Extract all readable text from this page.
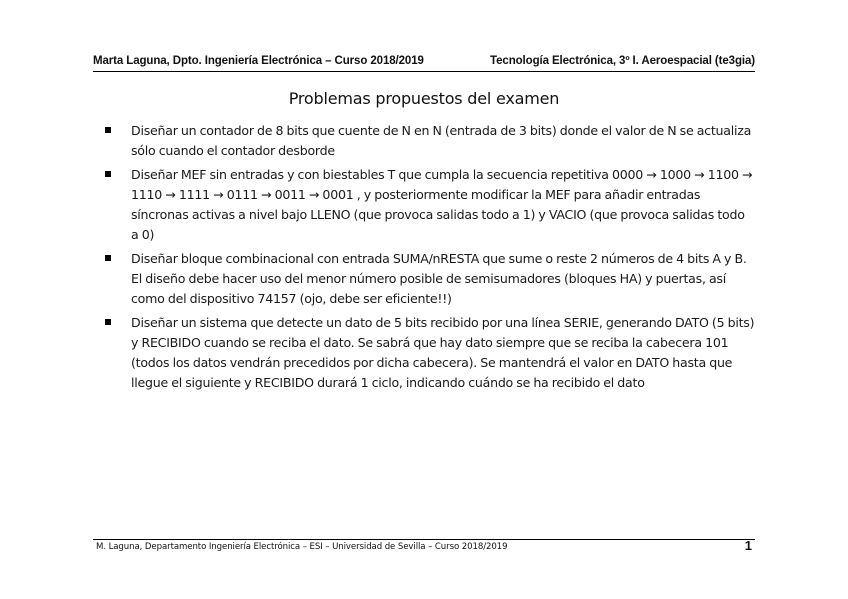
Marta Laguna, Dpto. Ingeniería Electrónica – Curso 2018/2019	Tecnología Electrónica, 3º I. Aeroespacial (te3gia)
Problemas propuestos del examen
Diseñar un contador de 8 bits que cuente de N en N (entrada de 3 bits) donde el valor de N se actualiza sólo cuando el contador desborde
Diseñar MEF sin entradas y con biestables T que cumpla la secuencia repetitiva 0000 → 1000 → 1100 → 1110 → 1111 → 0111 → 0011 → 0001 , y posteriormente modificar la MEF para añadir entradas síncronas activas a nivel bajo LLENO (que provoca salidas todo a 1) y VACIO (que provoca salidas todo a 0)
Diseñar bloque combinacional con entrada SUMA/nRESTA que sume o reste 2 números de 4 bits A y B. El diseño debe hacer uso del menor número posible de semisumadores (bloques HA) y puertas, así como del dispositivo 74157 (ojo, debe ser eficiente!!)
Diseñar un sistema que detecte un dato de 5 bits recibido por una línea SERIE, generando DATO (5 bits) y RECIBIDO cuando se reciba el dato. Se sabrá que hay dato siempre que se reciba la cabecera 101 (todos los datos vendrán precedidos por dicha cabecera). Se mantendrá el valor en DATO hasta que llegue el siguiente y RECIBIDO durará 1 ciclo, indicando cuándo se ha recibido el dato
M. Laguna, Departamento Ingeniería Electrónica – ESI – Universidad de Sevilla – Curso 2018/2019	1
